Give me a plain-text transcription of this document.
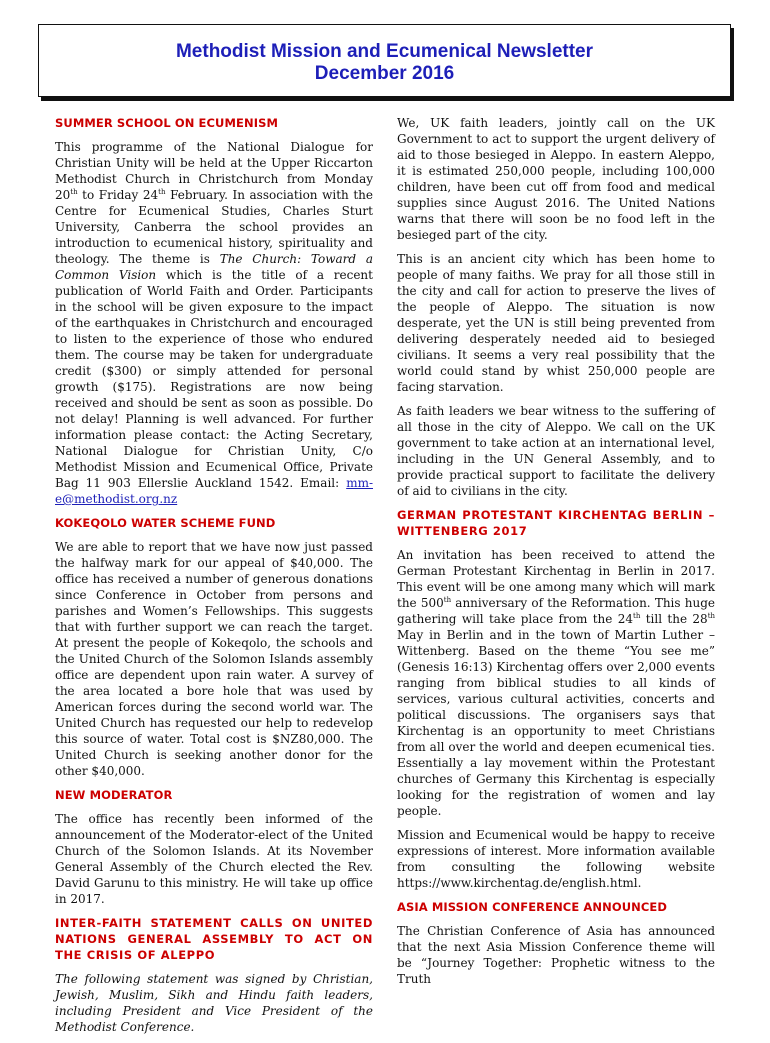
Methodist Mission and Ecumenical Newsletter
December 2016
SUMMER SCHOOL ON ECUMENISM

This programme of the National Dialogue for Christian Unity will be held at the Upper Riccarton Methodist Church in Christchurch from Monday 20th to Friday 24th February. In association with the Centre for Ecumenical Studies, Charles Sturt University, Canberra the school provides an introduction to ecumenical history, spirituality and theology. The theme is The Church: Toward a Common Vision which is the title of a recent publication of World Faith and Order. Participants in the school will be given exposure to the impact of the earthquakes in Christchurch and encouraged to listen to the experience of those who endured them. The course may be taken for undergraduate credit ($300) or simply attended for personal growth ($175). Registrations are now being received and should be sent as soon as possible. Do not delay! Planning is well advanced. For further information please contact: the Acting Secretary, National Dialogue for Christian Unity, C/o Methodist Mission and Ecumenical Office, Private Bag 11 903 Ellerslie Auckland 1542. Email: mm-e@methodist.org.nz

KOKEQOLO WATER SCHEME FUND

We are able to report that we have now just passed the halfway mark for our appeal of $40,000. The office has received a number of generous donations since Conference in October from persons and parishes and Women’s Fellowships. This suggests that with further support we can reach the target. At present the people of Kokeqolo, the schools and the United Church of the Solomon Islands assembly office are dependent upon rain water. A survey of the area located a bore hole that was used by American forces during the second world war. The United Church has requested our help to redevelop this source of water. Total cost is $NZ80,000. The United Church is seeking another donor for the other $40,000.

NEW MODERATOR

The office has recently been informed of the announcement of the Moderator-elect of the United Church of the Solomon Islands. At its November General Assembly of the Church elected the Rev. David Garunu to this ministry. He will take up office in 2017.

INTER-FAITH STATEMENT CALLS ON UNITED NATIONS GENERAL ASSEMBLY TO ACT ON THE CRISIS OF ALEPPO

The following statement was signed by Christian, Jewish, Muslim, Sikh and Hindu faith leaders, including President and Vice President of the Methodist Conference.

We, UK faith leaders, jointly call on the UK Government to act to support the urgent delivery of aid to those besieged in Aleppo. In eastern Aleppo, it is estimated 250,000 people, including 100,000 children, have been cut off from food and medical supplies since August 2016. The United Nations warns that there will soon be no food left in the besieged part of the city.

This is an ancient city which has been home to people of many faiths. We pray for all those still in the city and call for action to preserve the lives of the people of Aleppo. The situation is now desperate, yet the UN is still being prevented from delivering desperately needed aid to besieged civilians. It seems a very real possibility that the world could stand by whist 250,000 people are facing starvation.

As faith leaders we bear witness to the suffering of all those in the city of Aleppo. We call on the UK government to take action at an international level, including in the UN General Assembly, and to provide practical support to facilitate the delivery of aid to civilians in the city.

GERMAN PROTESTANT KIRCHENTAG BERLIN – WITTENBERG 2017

An invitation has been received to attend the German Protestant Kirchentag in Berlin in 2017. This event will be one among many which will mark the 500th anniversary of the Reformation. This huge gathering will take place from the 24th till the 28th May in Berlin and in the town of Martin Luther – Wittenberg. Based on the theme “You see me” (Genesis 16:13) Kirchentag offers over 2,000 events ranging from biblical studies to all kinds of services, various cultural activities, concerts and political discussions. The organisers says that Kirchentag is an opportunity to meet Christians from all over the world and deepen ecumenical ties. Essentially a lay movement within the Protestant churches of Germany this Kirchentag is especially looking for the registration of women and lay people.

Mission and Ecumenical would be happy to receive expressions of interest. More information available from consulting the following website https://www.kirchentag.de/english.html.

ASIA MISSION CONFERENCE ANNOUNCED

The Christian Conference of Asia has announced that the next Asia Mission Conference theme will be “Journey Together: Prophetic witness to the Truth
